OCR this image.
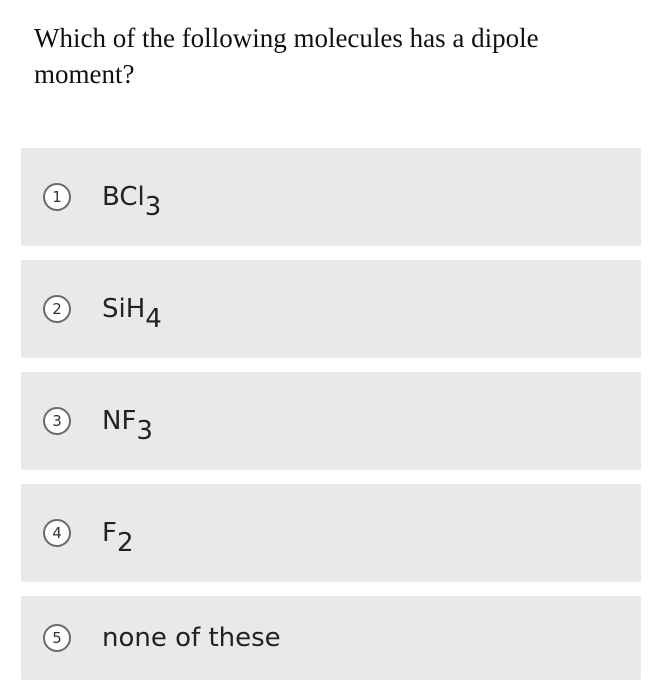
Which of the following molecules has a dipole moment?
1	BCl$_3$
2	SiH$_4$
3	$NF_3$
4	$F_2$
5	none of these
